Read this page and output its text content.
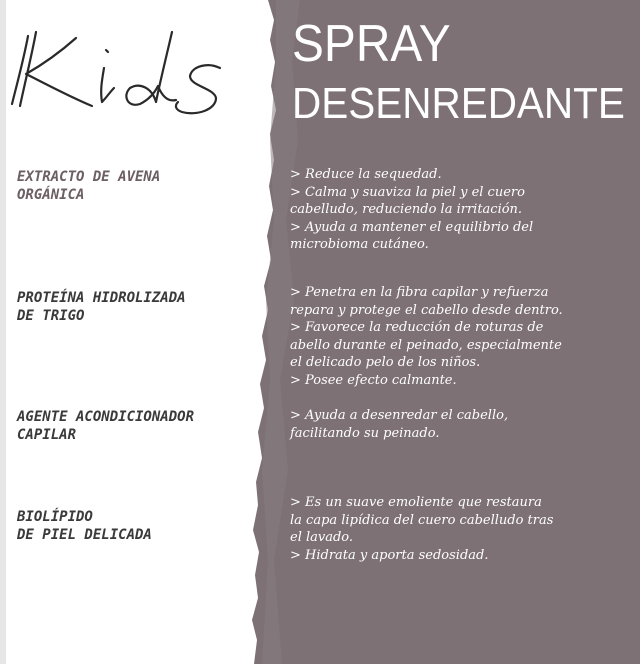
SPRAY
DESENREDANTE
EXTRACTO DE AVENA
ORGÁNICA
> Reduce la sequedad.
> Calma y suaviza la piel y el cuero
cabelludo, reduciendo la irritación.
> Ayuda a mantener el equilibrio del
microbioma cutáneo.
PROTEÍNA HIDROLIZADA
DE TRIGO
> Penetra en la fibra capilar y refuerza
repara y protege el cabello desde dentro.
> Favorece la reducción de roturas de
abello durante el peinado, especialmente
el delicado pelo de los niños.
> Posee efecto calmante.
AGENTE ACONDICIONADOR
CAPILAR
> Ayuda a desenredar el cabello,
facilitando su peinado.
BIOLÍPIDO
DE PIEL DELICADA
> Es un suave emoliente que restaura
la capa lipídica del cuero cabelludo tras
el lavado.
> Hidrata y aporta sedosidad.
